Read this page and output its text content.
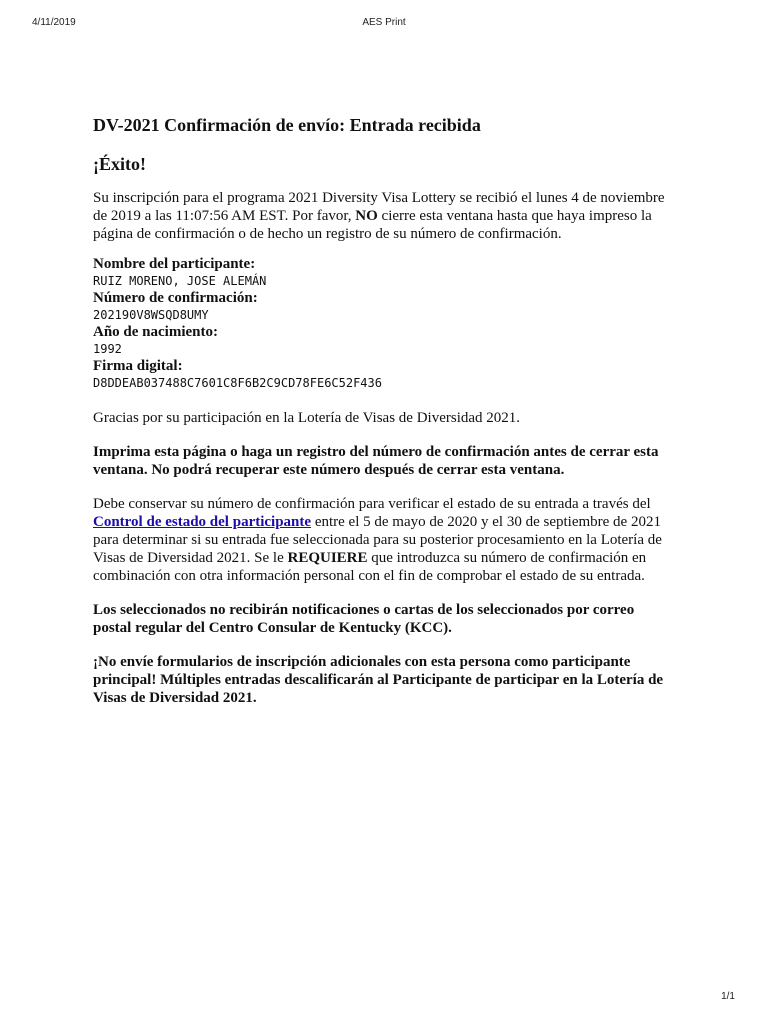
4/11/2019	AES Print
DV-2021 Confirmación de envío: Entrada recibida
¡Éxito!

Su inscripción para el programa 2021 Diversity Visa Lottery se recibió el lunes 4 de noviembre de 2019 a las 11:07:56 AM EST. Por favor, NO cierre esta ventana hasta que haya impreso la página de confirmación o de hecho un registro de su número de confirmación.

Nombre del participante:
RUIZ MORENO, JOSE ALEMÁN
Número de confirmación:
202190V8WSQD8UMY
Año de nacimiento:
1992
Firma digital:
D8DDEAB037488C7601C8F6B2C9CD78FE6C52F436

Gracias por su participación en la Lotería de Visas de Diversidad 2021.

Imprima esta página o haga un registro del número de confirmación antes de cerrar esta ventana. No podrá recuperar este número después de cerrar esta ventana.

Debe conservar su número de confirmación para verificar el estado de su entrada a través del Control de estado del participante entre el 5 de mayo de 2020 y el 30 de septiembre de 2021 para determinar si su entrada fue seleccionada para su posterior procesamiento en la Lotería de Visas de Diversidad 2021. Se le REQUIERE que introduzca su número de confirmación en combinación con otra información personal con el fin de comprobar el estado de su entrada.

Los seleccionados no recibirán notificaciones o cartas de los seleccionados por correo postal regular del Centro Consular de Kentucky (KCC).

¡No envíe formularios de inscripción adicionales con esta persona como participante principal! Múltiples entradas descalificarán al Participante de participar en la Lotería de Visas de Diversidad 2021.

1/1
